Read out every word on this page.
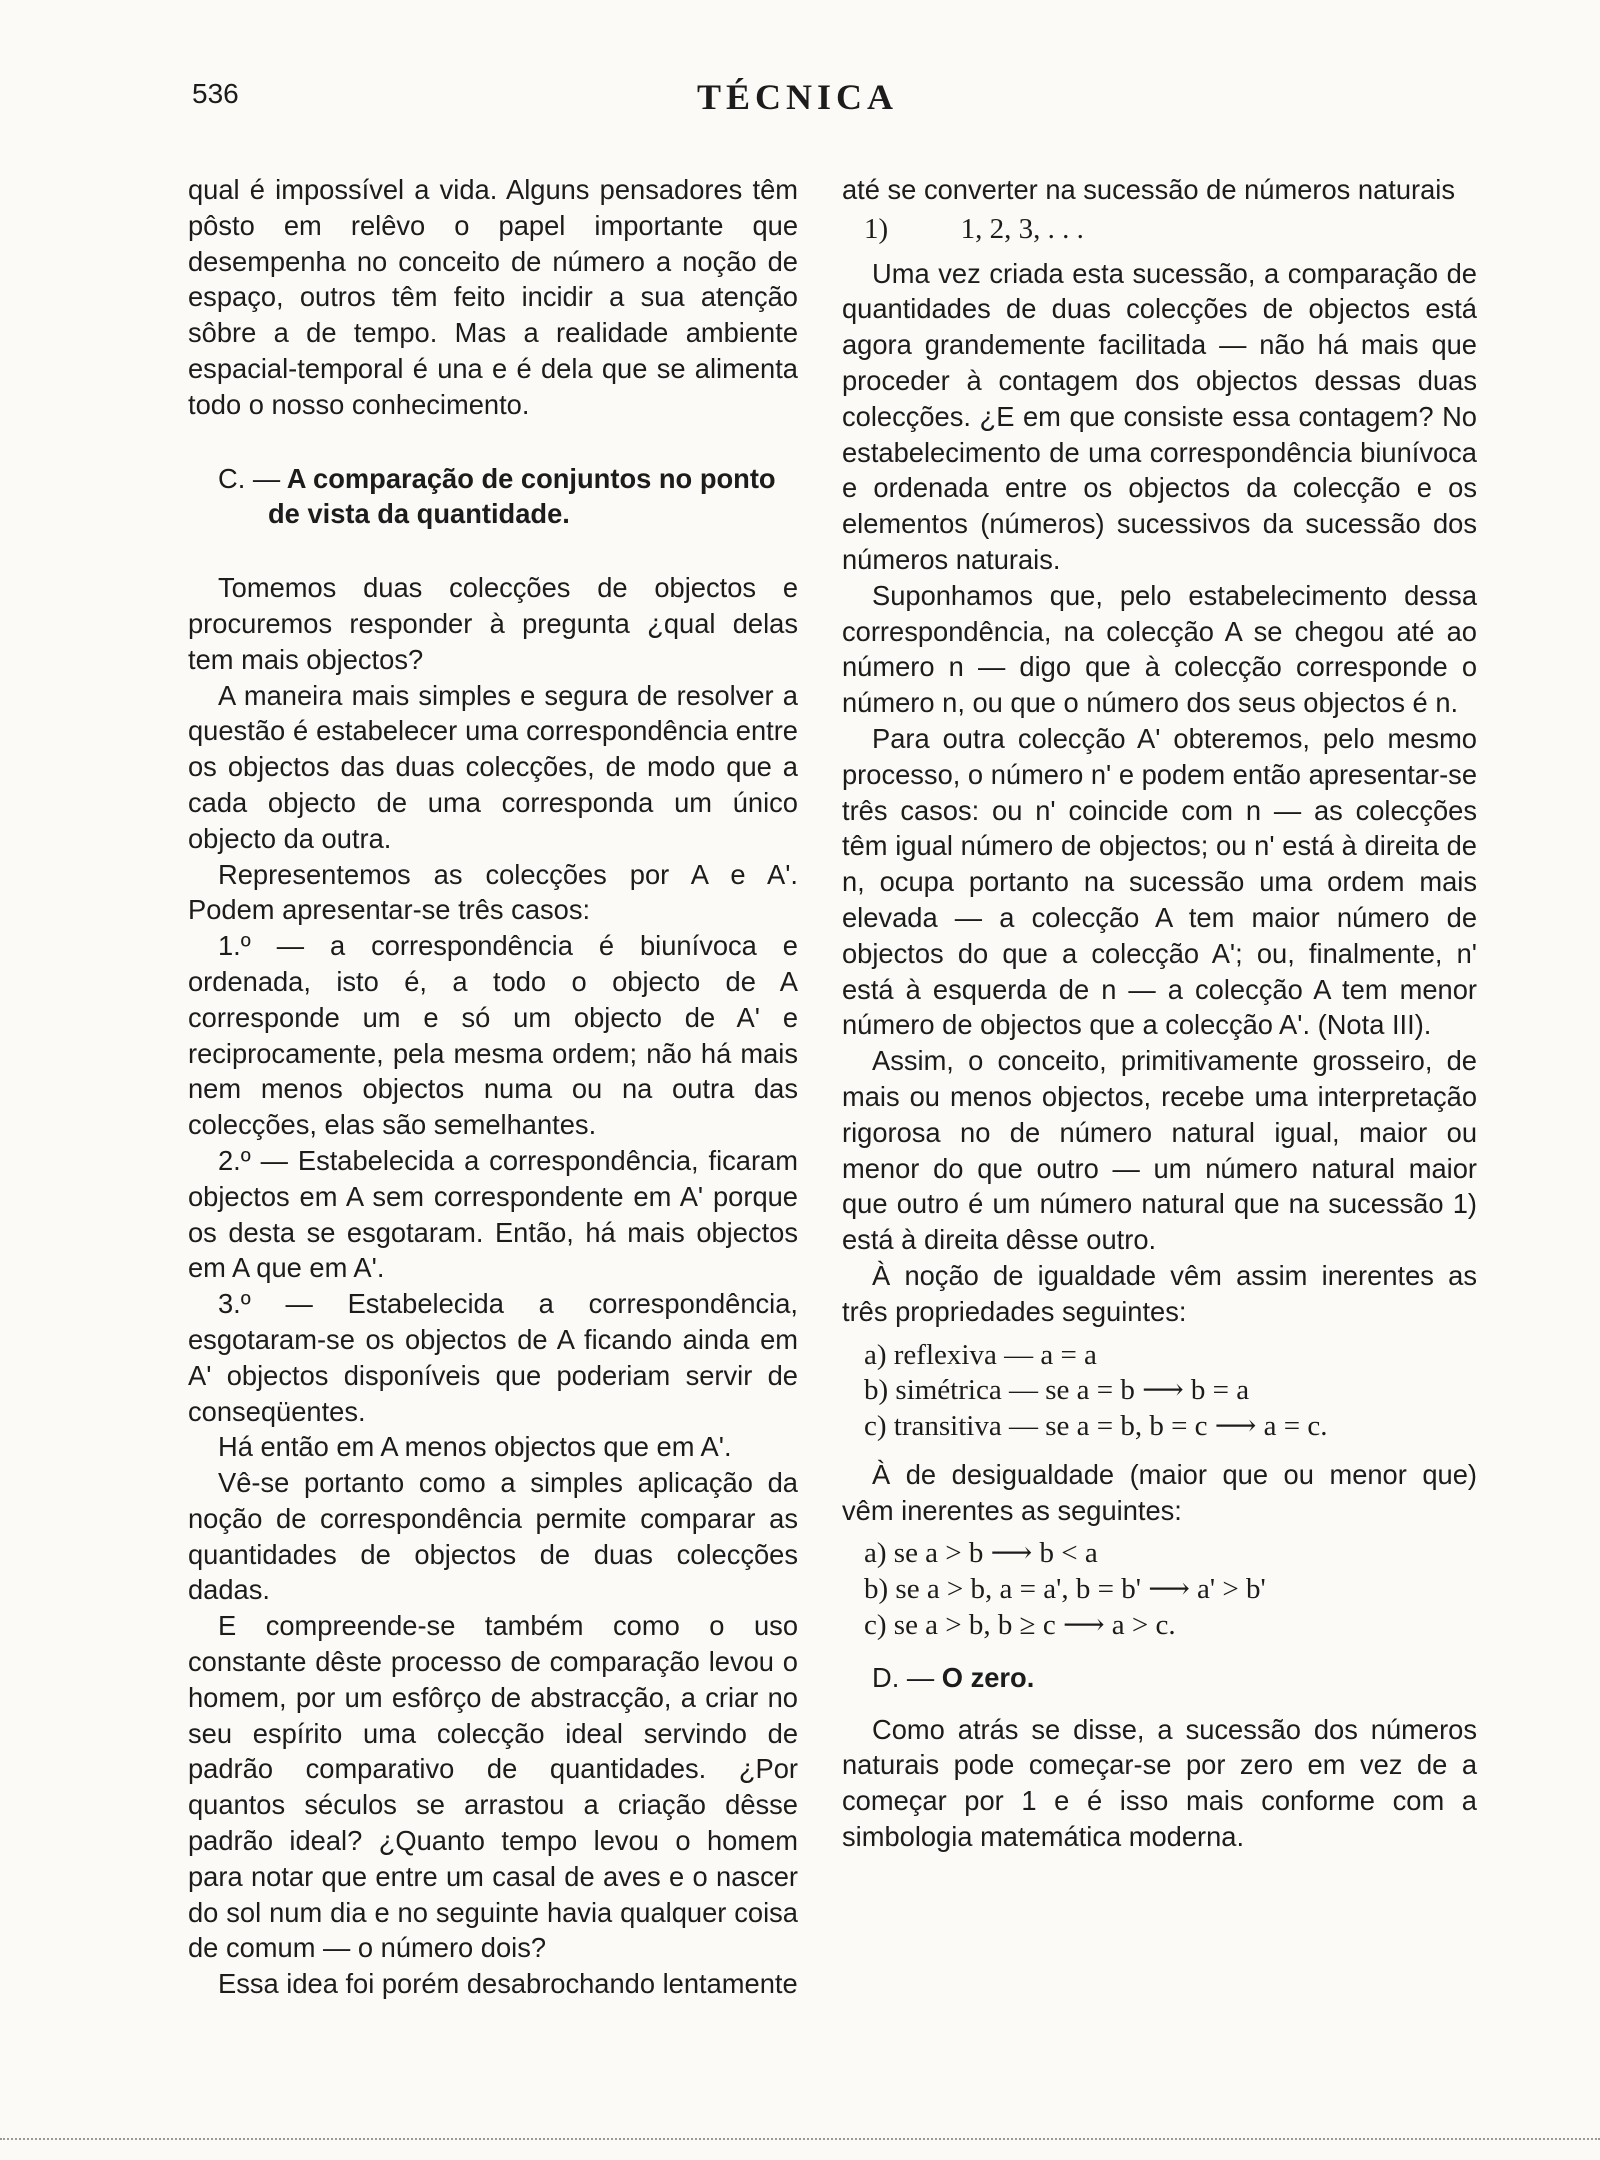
536	TÉCNICA

qual é impossível a vida. Alguns pensadores têm pôsto em relêvo o papel importante que desempenha no conceito de número a noção de espaço, outros têm feito incidir a sua atenção sôbre a de tempo. Mas a realidade ambiente espacial-temporal é una e é dela que se alimenta todo o nosso conhecimento.

C. — A comparação de conjuntos no ponto de vista da quantidade.

Tomemos duas colecções de objectos e procuremos responder à pregunta ¿qual delas tem mais objectos?

A maneira mais simples e segura de resolver a questão é estabelecer uma correspondência entre os objectos das duas colecções, de modo que a cada objecto de uma corresponda um único objecto da outra.

Representemos as colecções por A e A'. Podem apresentar-se três casos:

1.º — a correspondência é biunívoca e ordenada, isto é, a todo o objecto de A corresponde um e só um objecto de A' e reciprocamente, pela mesma ordem; não há mais nem menos objectos numa ou na outra das colecções, elas são semelhantes.

2.º — Estabelecida a correspondência, ficaram objectos em A sem correspondente em A' porque os desta se esgotaram. Então, há mais objectos em A que em A'.

3.º — Estabelecida a correspondência, esgotaram-se os objectos de A ficando ainda em A' objectos disponíveis que poderiam servir de conseqüentes.

Há então em A menos objectos que em A'.

Vê-se portanto como a simples aplicação da noção de correspondência permite comparar as quantidades de objectos de duas colecções dadas.

E compreende-se também como o uso constante dêste processo de comparação levou o homem, por um esfôrço de abstracção, a criar no seu espírito uma colecção ideal servindo de padrão comparativo de quantidades. ¿Por quantos séculos se arrastou a criação dêsse padrão ideal? ¿Quanto tempo levou o homem para notar que entre um casal de aves e o nascer do sol num dia e no seguinte havia qualquer coisa de comum — o número dois?

Essa idea foi porém desabrochando lentamente

até se converter na sucessão de números naturais

1)          1, 2, 3, . . .

Uma vez criada esta sucessão, a comparação de quantidades de duas colecções de objectos está agora grandemente facilitada — não há mais que proceder à contagem dos objectos dessas duas colecções. ¿E em que consiste essa contagem? No estabelecimento de uma correspondência biunívoca e ordenada entre os objectos da colecção e os elementos (números) sucessivos da sucessão dos números naturais.

Suponhamos que, pelo estabelecimento dessa correspondência, na colecção A se chegou até ao número n — digo que à colecção corresponde o número n, ou que o número dos seus objectos é n.

Para outra colecção A' obteremos, pelo mesmo processo, o número n' e podem então apresentar-se três casos: ou n' coincide com n — as colecções têm igual número de objectos; ou n' está à direita de n, ocupa portanto na sucessão uma ordem mais elevada — a colecção A tem maior número de objectos do que a colecção A'; ou, finalmente, n' está à esquerda de n — a colecção A tem menor número de objectos que a colecção A'. (Nota III).

Assim, o conceito, primitivamente grosseiro, de mais ou menos objectos, recebe uma interpretação rigorosa no de número natural igual, maior ou menor do que outro — um número natural maior que outro é um número natural que na sucessão 1) está à direita dêsse outro.

À noção de igualdade vêm assim inerentes as três propriedades seguintes:

a) reflexiva — a = a

b) simétrica — se a = b ⟶ b = a

c) transitiva — se a = b, b = c ⟶ a = c.

À de desigualdade (maior que ou menor que) vêm inerentes as seguintes:

a) se a > b ⟶ b < a

b) se a > b, a = a', b = b' ⟶ a' > b'

c) se a > b, b ≥ c ⟶ a > c.

D. — O zero.

Como atrás se disse, a sucessão dos números naturais pode começar-se por zero em vez de a começar por 1 e é isso mais conforme com a simbologia matemática moderna.
